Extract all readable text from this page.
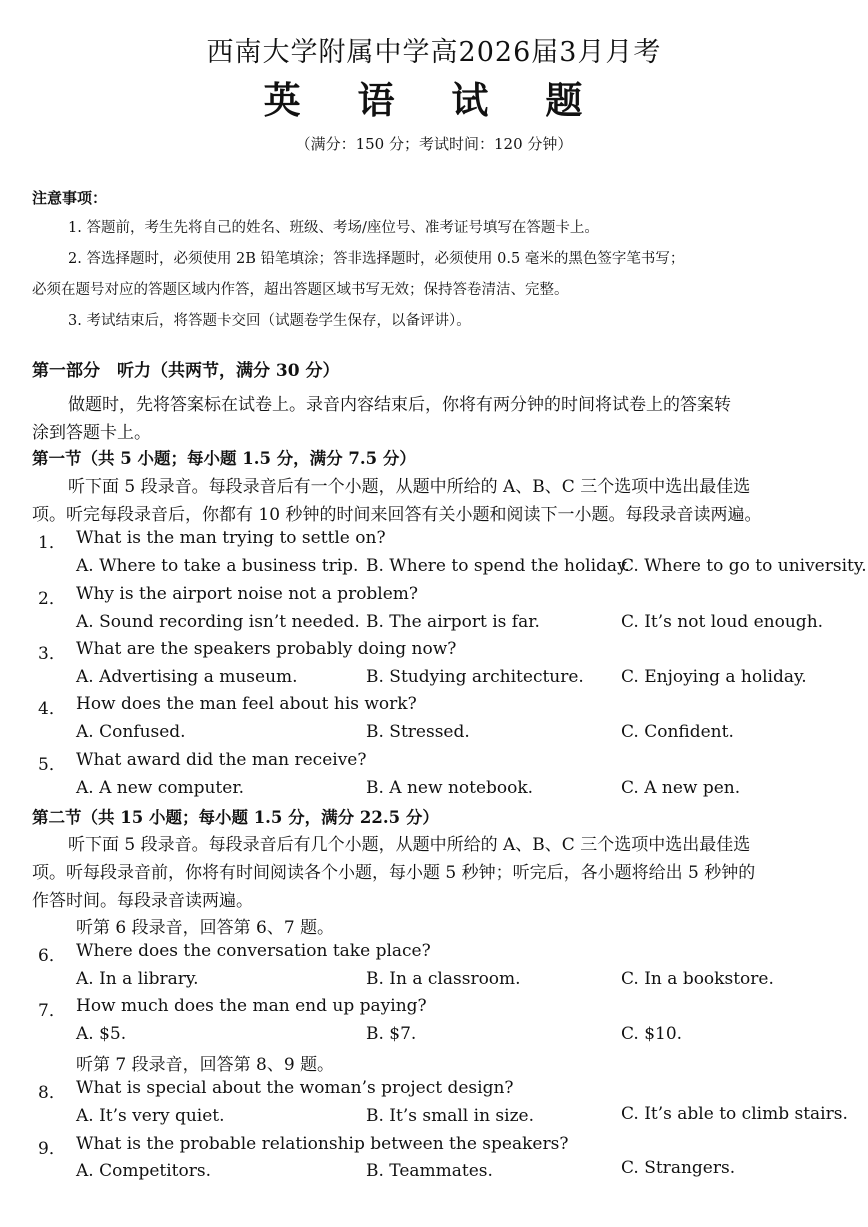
西南大学附属中学高2026届3月月考
英 语 试 题
（满分：150 分；考试时间：120 分钟）
注意事项：
1. 答题前，考生先将自己的姓名、班级、考场/座位号、准考证号填写在答题卡上。
2. 答选择题时，必须使用 2B 铅笔填涂；答非选择题时，必须使用 0.5 毫米的黑色签字笔书写；
必须在题号对应的答题区域内作答，超出答题区域书写无效；保持答卷清洁、完整。
3. 考试结束后，将答题卡交回（试题卷学生保存，以备评讲）。
第一部分　听力（共两节，满分 30 分）
做题时，先将答案标在试卷上。录音内容结束后，你将有两分钟的时间将试卷上的答案转
涂到答题卡上。
第一节（共 5 小题；每小题 1.5 分，满分 7.5 分）
听下面 5 段录音。每段录音后有一个小题，从题中所给的 A、B、C 三个选项中选出最佳选
项。听完每段录音后，你都有 10 秒钟的时间来回答有关小题和阅读下一小题。每段录音读两遍。
1． What is the man trying to settle on?
A. Where to take a business trip. B. Where to spend the holiday.
C. Where to go to university.
2． Why is the airport noise not a problem?
A. Sound recording isn’t needed. B. The airport is far.	C. It’s not loud enough.
3． What are the speakers probably doing now?
A. Advertising a museum.	B. Studying architecture. C. Enjoying a holiday.
4． How does the man feel about his work?
A. Confused.	B. Stressed.	C. Confident.
5． What award did the man receive?
A. A new computer.	B. A new notebook.	C. A new pen.
第二节（共 15 小题；每小题 1.5 分，满分 22.5 分）
听下面 5 段录音。每段录音后有几个小题，从题中所给的 A、B、C 三个选项中选出最佳选
项。听每段录音前，你将有时间阅读各个小题，每小题 5 秒钟；听完后，各小题将给出 5 秒钟的
作答时间。每段录音读两遍。
听第 6 段录音，回答第 6、7 题。
6． Where does the conversation take place?
A. In a library.	B. In a classroom.	C. In a bookstore.
7． How much does the man end up paying?
A. $5.	B. $7.	C. $10.
听第 7 段录音，回答第 8、9 题。
8． What is special about the woman’s project design?
A. It’s very quiet.	B. It’s small in size.	C. It’s able to climb stairs.
9． What is the probable relationship between the speakers?
A. Competitors.	B. Teammates.	C. Strangers.
